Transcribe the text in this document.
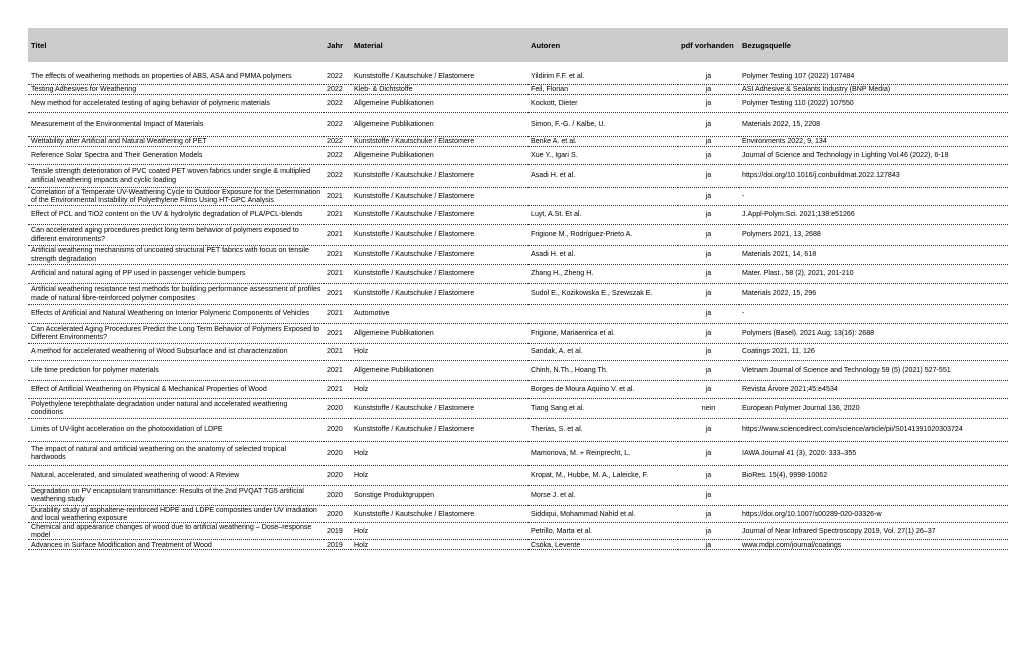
Titel	Jahr	Material	Autoren	pdf vorhanden	Bezugsquelle

The effects of weathering methods on properties of ABS, ASA and PMMA polymers	2022	Kunststoffe / Kautschuke / Elastomere	Yildirim F.F. et al.	ja	Polymer Testing 107 (2022) 107484
Testing Adhesives for Weathering	2022	Kleb- & Dichtstoffe	Feil, Florian	ja	ASI Adhesive & Sealants Industry (BNP Media)
New method for accelerated testing of aging behavior of polymeric materials	2022	Allgemeine Publikationen	Kockott, Dieter	ja	Polymer Testing 110 (2022) 107550
Measurement of the Environmental Impact of Materials	2022	Allgemeine Publikationen	Simon, F.-G. / Kalbe, U.	ja	Materials 2022, 15, 2208
Wettability after Artificial and Natural Weathering of PET	2022	Kunststoffe / Kautschuke / Elastomere	Benke A. et al.	ja	Environments 2022, 9, 134
Reference Solar Spectra and Their Generation Models	2022	Allgemeine Publikationen	Xue Y., Igari S.	ja	Journal of Science and Technology in Lighting Vol.46 (2022), 6-18
Tensile strength deterioration of PVC coated PET woven fabrics under single & multiplied artificial weathering impacts and cyclic loading	2022	Kunststoffe / Kautschuke / Elastomere	Asadi H. et al.	ja	https://doi.org/10.1016/j.conbuildmat.2022.127843
Correlation of a Temperate UV-Weathering Cycle to Outdoor Exposure for the Determination of the Environmental Instability of Polyethylene Films Using HT-GPC Analysis	2021	Kunststoffe / Kautschuke / Elastomere		ja	-
Effect of PCL and TiO2 content on the UV & hydrolytic degradation of PLA/PCL-blends	2021	Kunststoffe / Kautschuke / Elastomere	Luyt, A.St. Et al.	ja	J.Appl-Polym.Sci. 2021;138:e51266
Can accelerated aging procedures predict long term behavior of polymers exposed to different environments?	2021	Kunststoffe / Kautschuke / Elastomere	Frigione M., Rodríguez-Prieto A.	ja	Polymers 2021, 13, 2688
Artificial weathering mechanisms of uncoated structural PET fabrics with focus on tensile strength degradation	2021	Kunststoffe / Kautschuke / Elastomere	Asadi H. et al.	ja	Materials 2021, 14, 618
Artificial and natural aging of PP used in passenger vehicle bumpers	2021	Kunststoffe / Kautschuke / Elastomere	Zhang H., Zheng H.	ja	Mater. Plast., 58 (2), 2021, 201-210
Artificial weathering resistance test methods for building performance assessment of profiles made of natural fibre-reinforced polymer composites	2021	Kunststoffe / Kautschuke / Elastomere	Sudol E., Kozikowska E., Szewszak E.	ja	Materials 2022, 15, 296
Effects of Artificial and Natural Weathering on Interior Polymeric Components of Vehicles	2021	Automotive		ja	-
Can Accelerated Aging Procedures Predict the Long Term Behavior of Polymers Exposed to Different Environments?	2021	Allgemeine Publikationen	Frigione, Mariaenrica et al.	ja	Polymers (Basel). 2021 Aug; 13(16): 2688
A method for accelerated weathering of Wood Subsurface and ist characterization	2021	Holz	Sandak, A. et al.	ja	Coatings 2021, 11, 126
Life time prediction for polymer materials	2021	Allgemeine Publikationen	Chinh, N.Th., Hoang Th.	ja	Vietnam Journal of Science and Technology 59 (5) (2021) 527-551
Effect of Artificial Weathering on Physical & Mechanical Properties of Wood	2021	Holz	Borges de Moura Aquino V. et al.	ja	Revista Árvore 2021;45:e4534
Polyethylene terephthalate degradation under natural and accelerated weathering conditions	2020	Kunststoffe / Kautschuke / Elastomere	Tiang Sang et al.	nein	European Polymer Journal 136, 2020
Limits of UV-light acceleration on the photooxidation of LDPE	2020	Kunststoffe / Kautschuke / Elastomere	Therias, S. et al.	ja	https://www.sciencedirect.com/science/article/pii/S0141391020303724
The impact of natural and artificial weathering on the anatomy of selected tropical hardwoods	2020	Holz	Mamonova, M. + Reinprecht, L.	ja	IAWA Journal 41 (3), 2020: 333–355
Natural, accelerated, and simulated weathering of wood: A Review	2020	Holz	Kropat, M., Hubbe, M. A., Laleicke, F.	ja	BioRes. 15(4), 9998-10062
Degradation on PV encapsulant transmittance: Results of the 2nd PVQAT TG5 artificial weathering study	2020	Sonstige Produktgruppen	Morse J. et al.	ja	
Durability study of asphaltene-reinforced HDPE and LDPE composites under UV irradiation and local weathering exposure	2020	Kunststoffe / Kautschuke / Elastomere	Siddiqui, Mohammad Nahid et al.	ja	https://doi.org/10.1007/s00289-020-03326-w
Chemical and appearance changes of wood due to artificial weathering – Dose–response model	2019	Holz	Petrillo, Marta et al.	ja	Journal of Near Infrared Spectroscopy 2019, Vol. 27(1) 26–37
Advances in Surface Modification and Treatment of Wood	2019	Holz	Csóka, Levente	ja	www.mdpi.com/journal/coatings
